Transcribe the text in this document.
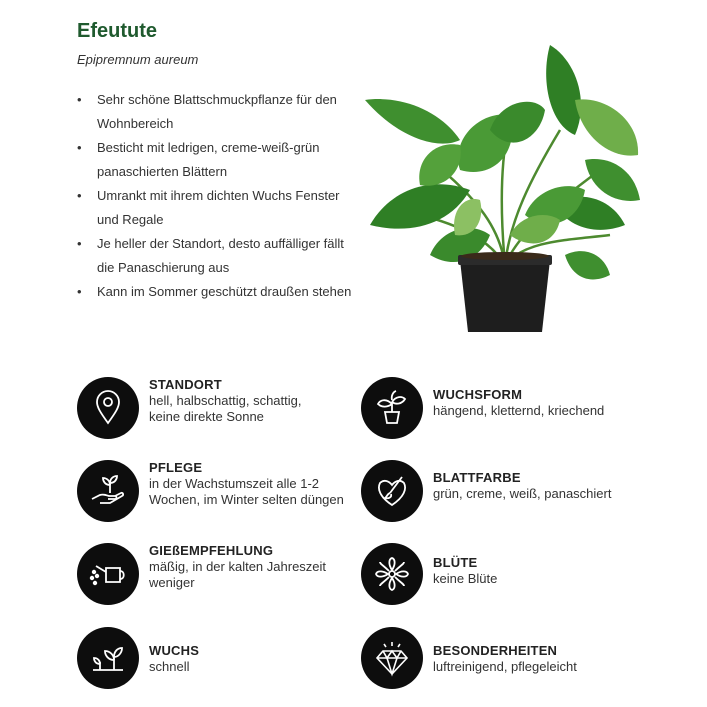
Efeutute
Epipremnum aureum
• Sehr schöne Blattschmuckpflanze für den Wohnbereich
• Besticht mit ledrigen, creme-weiß-grün panaschierten Blättern
• Umrankt mit ihrem dichten Wuchs Fenster und Regale
• Je heller der Standort, desto auffälliger fällt die Panaschierung aus
• Kann im Sommer geschützt draußen stehen
STANDORT
hell, halbschattig, schattig, keine direkte Sonne
WUCHSFORM
hängend, kletternd, kriechend
PFLEGE
in der Wachstumszeit alle 1-2 Wochen, im Winter selten düngen
BLATTFARBE
grün, creme, weiß, panaschiert
GIEßEMPFEHLUNG
mäßig, in der kalten Jahreszeit weniger
BLÜTE
keine Blüte
WUCHS
schnell
BESONDERHEITEN
luftreinigend, pflegeleicht
